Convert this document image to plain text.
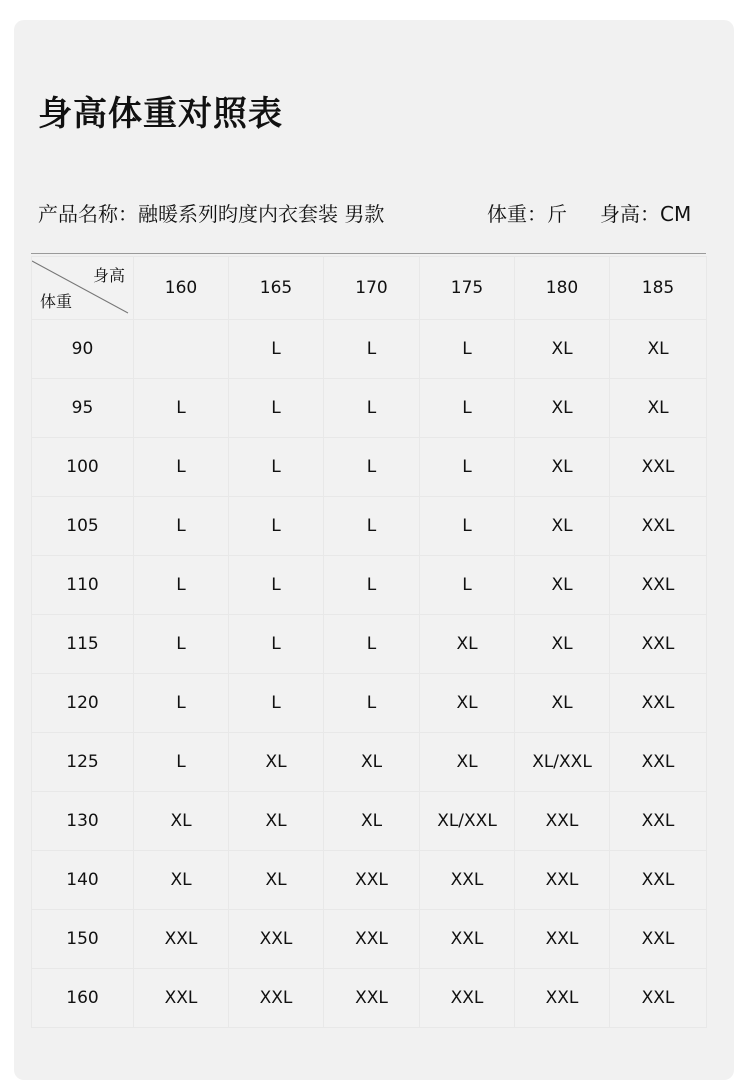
身高体重对照表
产品名称：融暖系列昀度内衣套装 男款	体重：斤 身高：CM
身高
体重	160	165	170	175	180	185
90		L	L	L	XL	XL
95	L	L	L	L	XL	XL
100	L	L	L	L	XL	XXL
105	L	L	L	L	XL	XXL
110	L	L	L	L	XL	XXL
115	L	L	L	XL	XL	XXL
120	L	L	L	XL	XL	XXL
125	L	XL	XL	XL	XL/XXL	XXL
130	XL	XL	XL	XL/XXL	XXL	XXL
140	XL	XL	XXL	XXL	XXL	XXL
150	XXL	XXL	XXL	XXL	XXL	XXL
160	XXL	XXL	XXL	XXL	XXL	XXL
